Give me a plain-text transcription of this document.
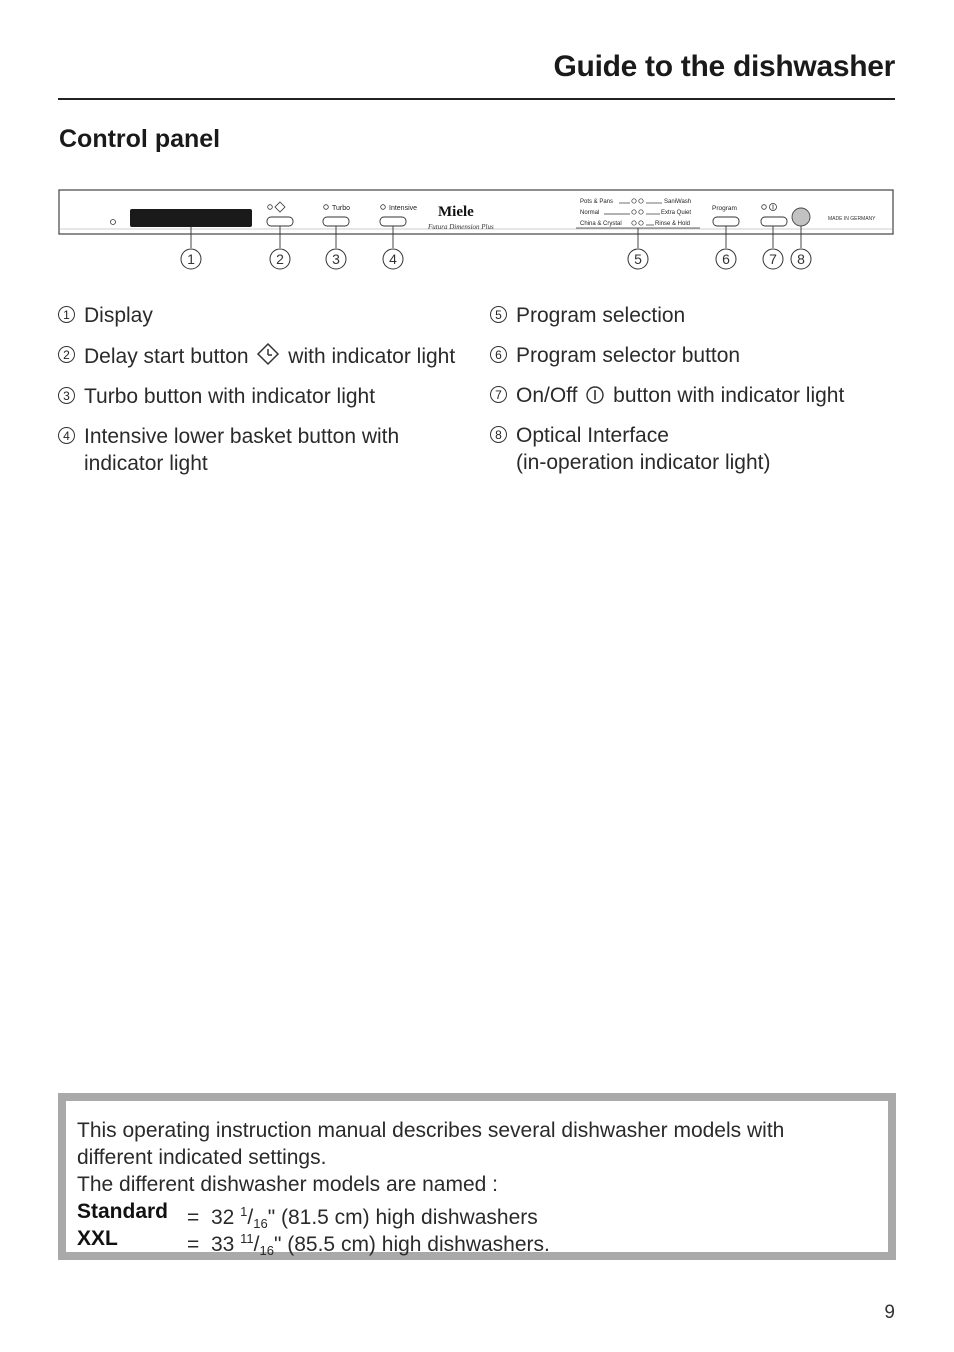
Guide to the dishwasher
Control panel
Turbo	Intensive Miele
Futura Dimension Plus
Pots & Pans
Normal
China & Crystal
SaniWash
Extra Quiet
Rinse & Hold
Program
MADE IN GERMANY
1	2	3	4	5	6	7 8
1 Display
2 Delay start button with indicator light
3 Turbo button with indicator light
4 Intensive lower basket button with indicator light
5 Program selection
6 Program selector button
7 On/Off button with indicator light
8 Optical Interface
(in-operation indicator light)
This operating instruction manual describes several dishwasher models with
different indicated settings.
The different dishwasher models are named :
Standard = 32 $^1/_{16}$" (81.5 cm) high dishwashers
XXL	= 33 $^{11}/_{16}$" (85.5 cm) high dishwashers.
9
